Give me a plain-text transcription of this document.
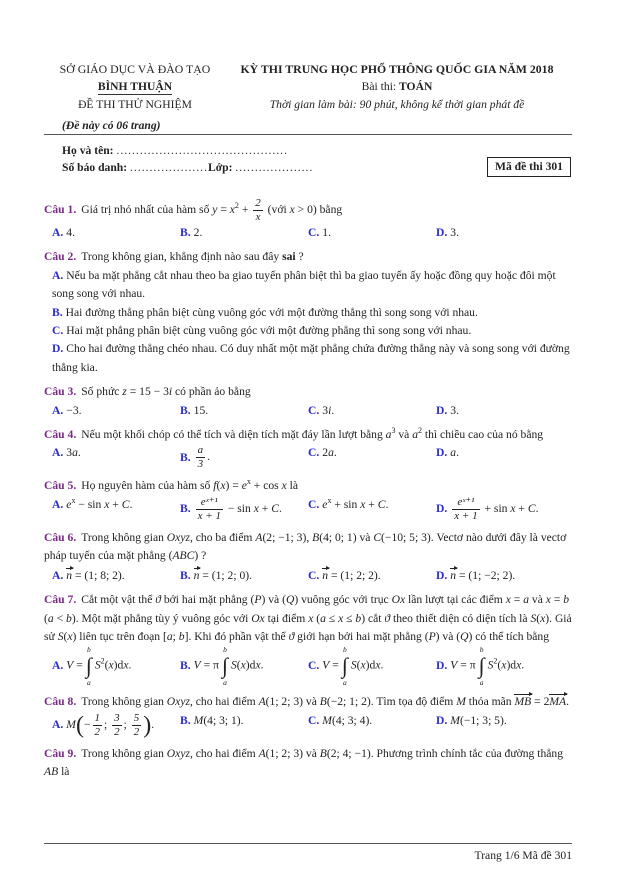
SỞ GIÁO DỤC VÀ ĐÀO TẠO
BÌNH THUẬN
ĐỀ THI THỬ NGHIỆM
(Đề này có 06 trang)
KỲ THI TRUNG HỌC PHỔ THÔNG QUỐC GIA NĂM 2018
Bài thi: TOÁN
Thời gian làm bài: 90 phút, không kể thời gian phát đề
Họ và tên: ............................................
Số báo danh: ....................Lớp: ....................	Mã đề thi 301
Câu 1. Giá trị nhỏ nhất của hàm số $y = x^2 + \frac{2}{x}$ (với x > 0) bằng
A. 4.	B. 2.	C. 1.	D. 3.
Câu 2. Trong không gian, khẳng định nào sau đây sai ?
A. Nếu ba mặt phẳng cắt nhau theo ba giao tuyến phân biệt thì ba giao tuyến ấy hoặc đồng quy hoặc đôi một song song với nhau.
B. Hai đường thẳng phân biệt cùng vuông góc với một đường thẳng thì song song với nhau.
C. Hai mặt phẳng phân biệt cùng vuông góc với một đường phẳng thì song song với nhau.
D. Cho hai đường thẳng chéo nhau. Có duy nhất một mặt phẳng chứa đường thẳng này và song song với đường thẳng kia.
Câu 3. Số phức z = 15 − 3i có phần ảo bằng
A. −3.	B. 15.	C. 3i.	D. 3.
Câu 4. Nếu một khối chóp có thể tích và diện tích mặt đáy lần lượt bằng $a^3$ và $a^2$ thì chiều cao của nó bằng
A. 3a.	B. $\frac{a}{3}$ .	C. 2a.	D. a.
Câu 5. Họ nguyên hàm của hàm số $f(x) = e^x + \cos x$ là
A. $e^x - \sin x + C$.	B. $\frac{\text{eˣ⁺¹}}{x + 1} - \sin x + C$.	C. $e^x + \sin x + C$.	D. $\frac{\text{eˣ⁺¹}}{x + 1} + \sin x + C$.
Câu 6. Trong không gian Oxyz, cho ba điểm A(2; −1; 3), B(4; 0; 1) và C(−10; 5; 3). Vectơ nào dưới đây là vectơ pháp tuyến của mặt phẳng (ABC) ?
A. n = (1; 8; 2).	B. n = (1; 2; 0).	C. n = (1; 2; 2).	D. n = (1; −2; 2).
Câu 7. Cắt một vật thể ϑ bởi hai mặt phẳng (P) và (Q) vuông góc với trục Ox lần lượt tại các điểm x = a và x = b (a < b). Một mặt phẳng tùy ý vuông góc với Ox tại điểm x (a ≤ x ≤ b) cắt ϑ theo thiết diện có diện tích là S(x). Giả sử S(x) liên tục trên đoạn [a; b]. Khi đó phần vật thể ϑ giới hạn bởi hai mặt phẳng (P) và (Q) có thể tích bằng
A. V =
b
∫
a
$S^2(x)dx$.	B. V = π
b
∫
a
S(x)dx.	C. V =
b
∫
a
S(x)dx.	D. V = π
b
∫
a
$S^2(x)dx$.
Câu 8. Trong không gian Oxyz, cho hai điểm A(1; 2; 3) và B(−2; 1; 2). Tìm tọa độ điểm M thỏa mãn MB = 2MA.
A. $M(- \frac{1}{2}$ ; $\frac{3}{2}$ ; $\frac{5}{2}$ ).	B. M(4; 3; 1).	C. M(4; 3; 4).	D. M(−1; 3; 5).
Câu 9. Trong không gian Oxyz, cho hai điểm A(1; 2; 3) và B(2; 4; −1). Phương trình chính tắc của đường thẳng AB là
Trang 1/6 Mã đề 301
